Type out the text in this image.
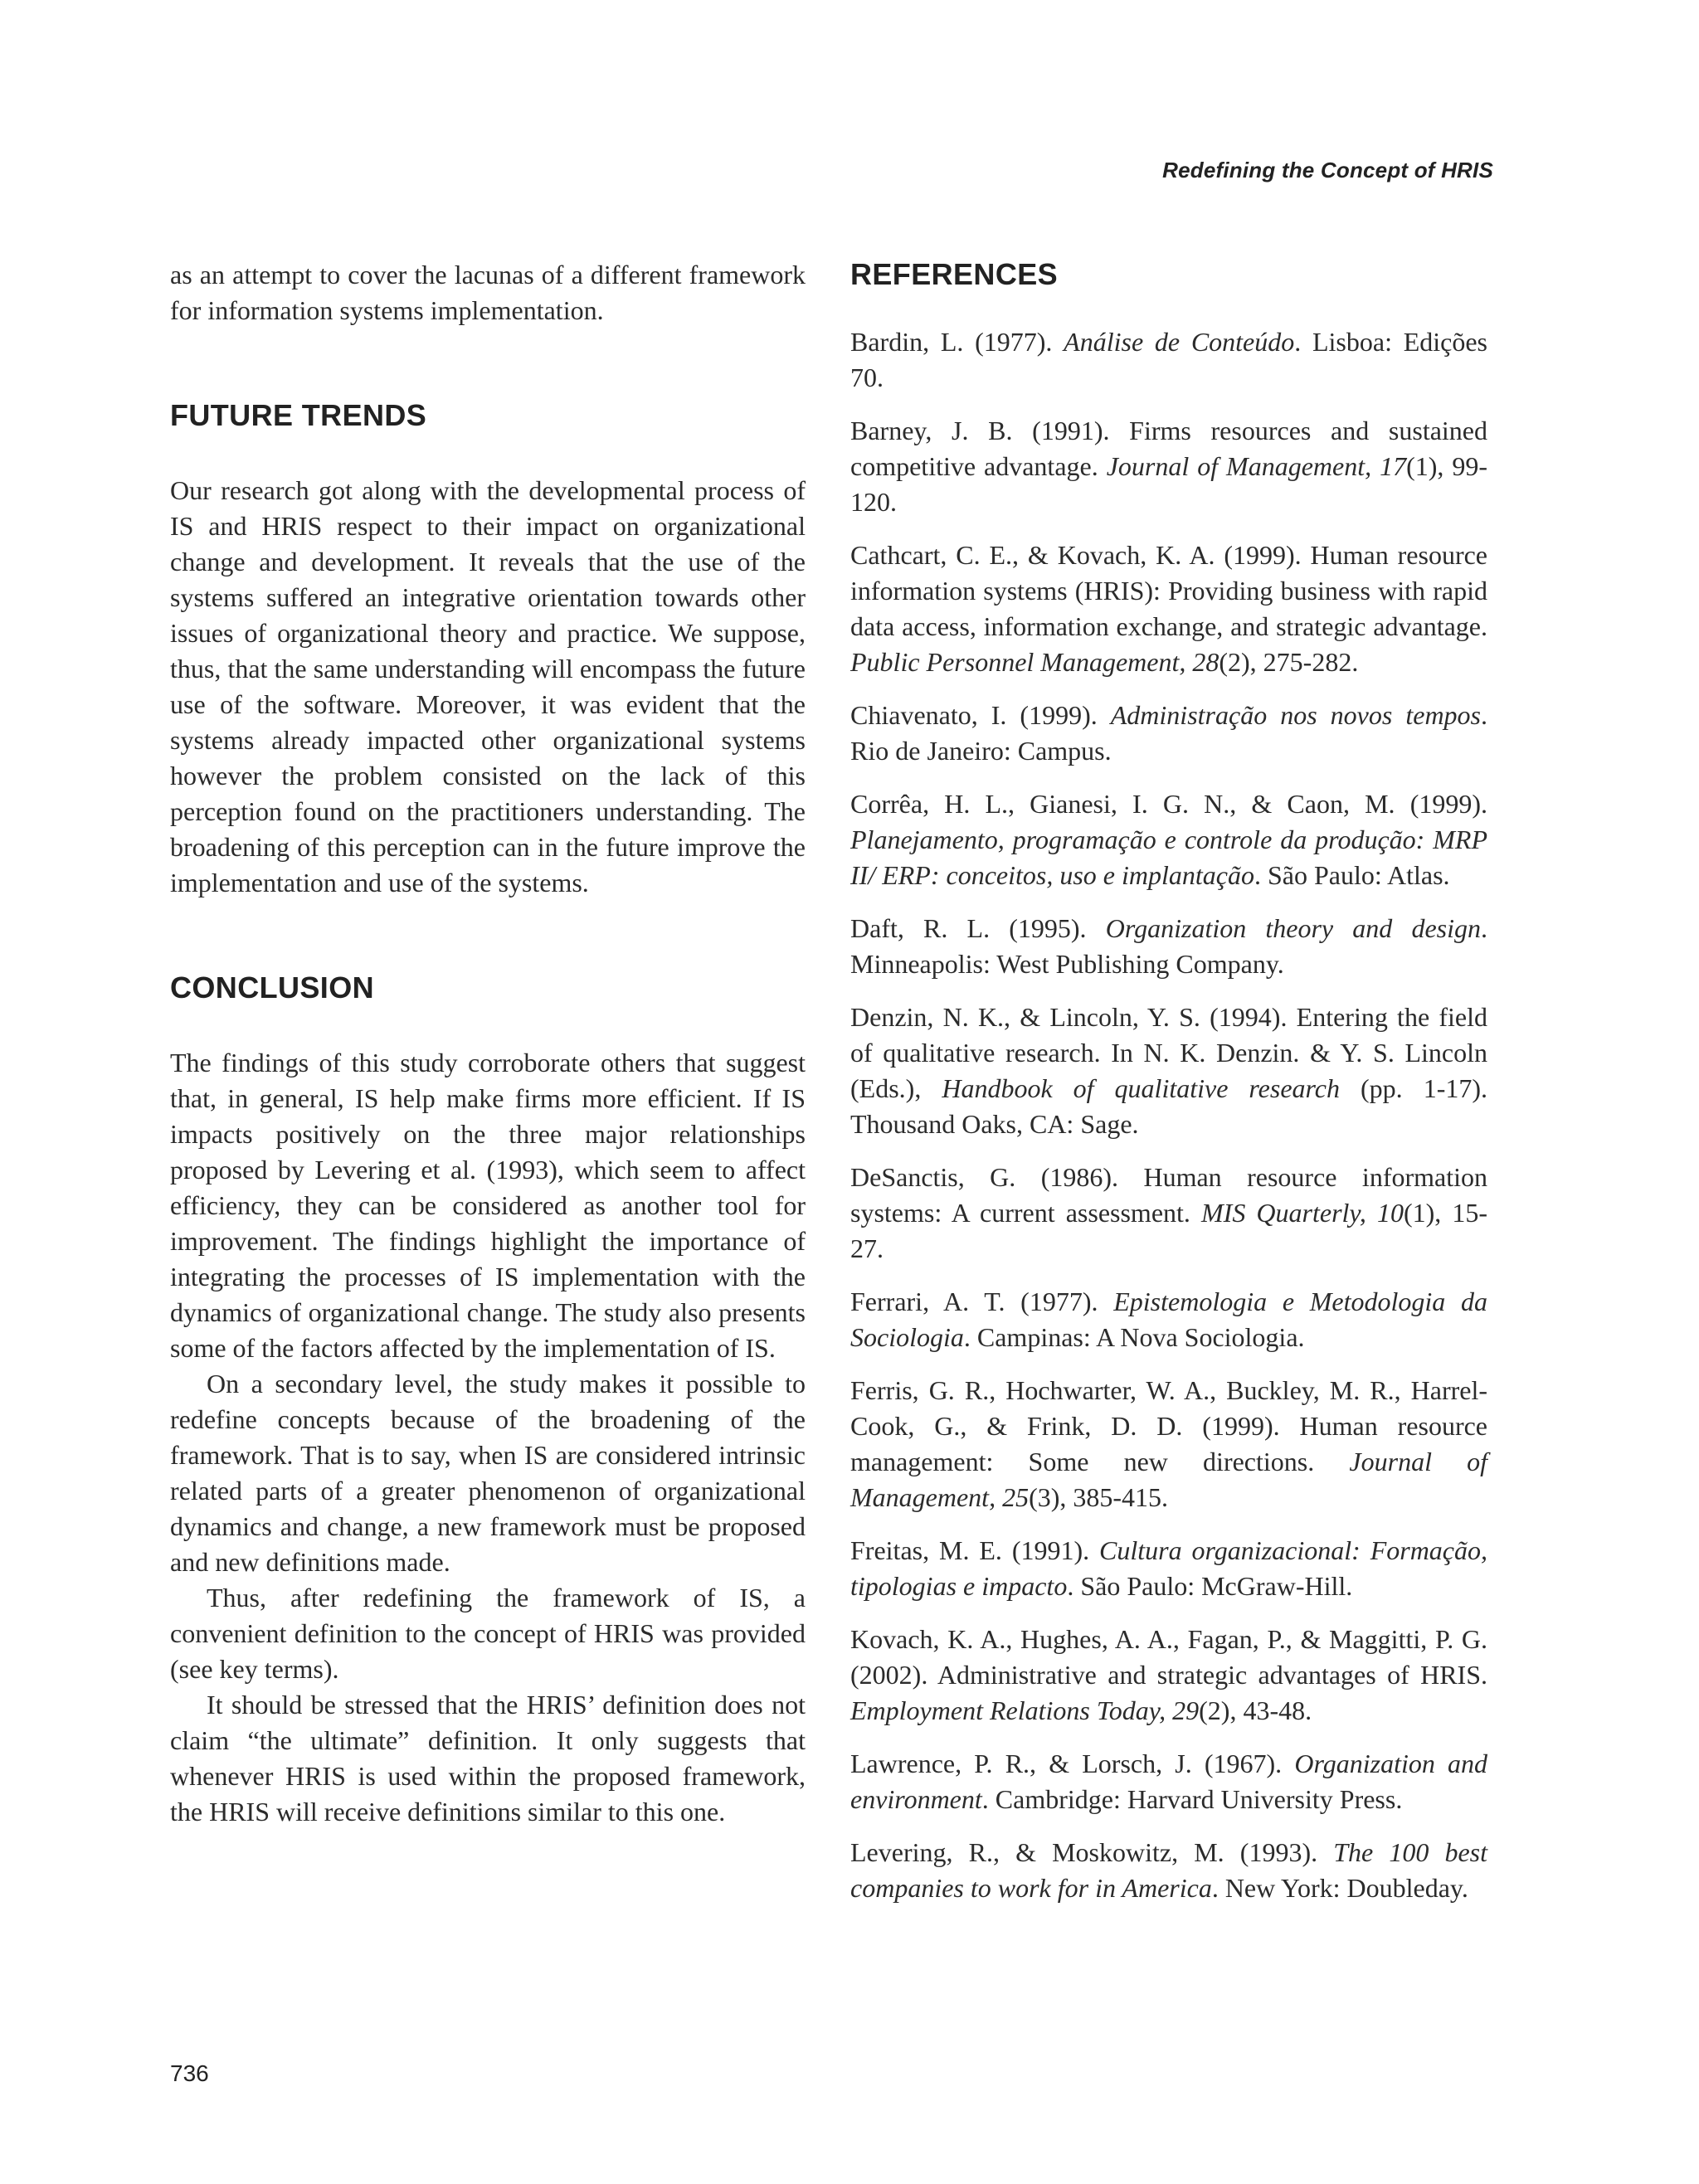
Redefining the Concept of HRIS

as an attempt to cover the lacunas of a different framework for information systems implementation.

FUTURE TRENDS

Our research got along with the developmental process of IS and HRIS respect to their impact on organizational change and development. It reveals that the use of the systems suffered an integrative orientation towards other issues of organizational theory and practice. We suppose, thus, that the same understanding will encompass the future use of the software. Moreover, it was evident that the systems already impacted other organizational systems however the problem consisted on the lack of this perception found on the practitioners understanding. The broadening of this perception can in the future improve the implementation and use of the systems.

CONCLUSION

The findings of this study corroborate others that suggest that, in general, IS help make firms more efficient. If IS impacts positively on the three major relationships proposed by Levering et al. (1993), which seem to affect efficiency, they can be considered as another tool for improvement. The findings highlight the importance of integrating the processes of IS implementation with the dynamics of organizational change. The study also presents some of the factors affected by the implementation of IS.

On a secondary level, the study makes it possible to redefine concepts because of the broadening of the framework. That is to say, when IS are considered intrinsic related parts of a greater phenomenon of organizational dynamics and change, a new framework must be proposed and new definitions made.

Thus, after redefining the framework of IS, a convenient definition to the concept of HRIS was provided (see key terms).

It should be stressed that the HRIS’ definition does not claim “the ultimate” definition. It only suggests that whenever HRIS is used within the proposed framework, the HRIS will receive definitions similar to this one.

REFERENCES
Bardin, L. (1977). Análise de Conteúdo. Lisboa: Edições 70.
Barney, J. B. (1991). Firms resources and sustained competitive advantage. Journal of Management, 17(1), 99-120.
Cathcart, C. E., & Kovach, K. A. (1999). Human resource information systems (HRIS): Providing business with rapid data access, information exchange, and strategic advantage. Public Personnel Management, 28(2), 275-282.
Chiavenato, I. (1999). Administração nos novos tempos. Rio de Janeiro: Campus.
Corrêa, H. L., Gianesi, I. G. N., & Caon, M. (1999). Planejamento, programação e controle da produção: MRP II/ ERP: conceitos, uso e implantação. São Paulo: Atlas.
Daft, R. L. (1995). Organization theory and design. Minneapolis: West Publishing Company.
Denzin, N. K., & Lincoln, Y. S. (1994). Entering the field of qualitative research. In N. K. Denzin. & Y. S. Lincoln (Eds.), Handbook of qualitative research (pp. 1-17). Thousand Oaks, CA: Sage.
DeSanctis, G. (1986). Human resource information systems: A current assessment. MIS Quarterly, 10(1), 15-27.
Ferrari, A. T. (1977). Epistemologia e Metodologia da Sociologia. Campinas: A Nova Sociologia.
Ferris, G. R., Hochwarter, W. A., Buckley, M. R., Harrel-Cook, G., & Frink, D. D. (1999). Human resource management: Some new directions. Journal of Management, 25(3), 385-415.
Freitas, M. E. (1991). Cultura organizacional: Formação, tipologias e impacto. São Paulo: McGraw-Hill.
Kovach, K. A., Hughes, A. A., Fagan, P., & Maggitti, P. G. (2002). Administrative and strategic advantages of HRIS. Employment Relations Today, 29(2), 43-48.
Lawrence, P. R., & Lorsch, J. (1967). Organization and environment. Cambridge: Harvard University Press.
Levering, R., & Moskowitz, M. (1993). The 100 best companies to work for in America. New York: Doubleday.
736
